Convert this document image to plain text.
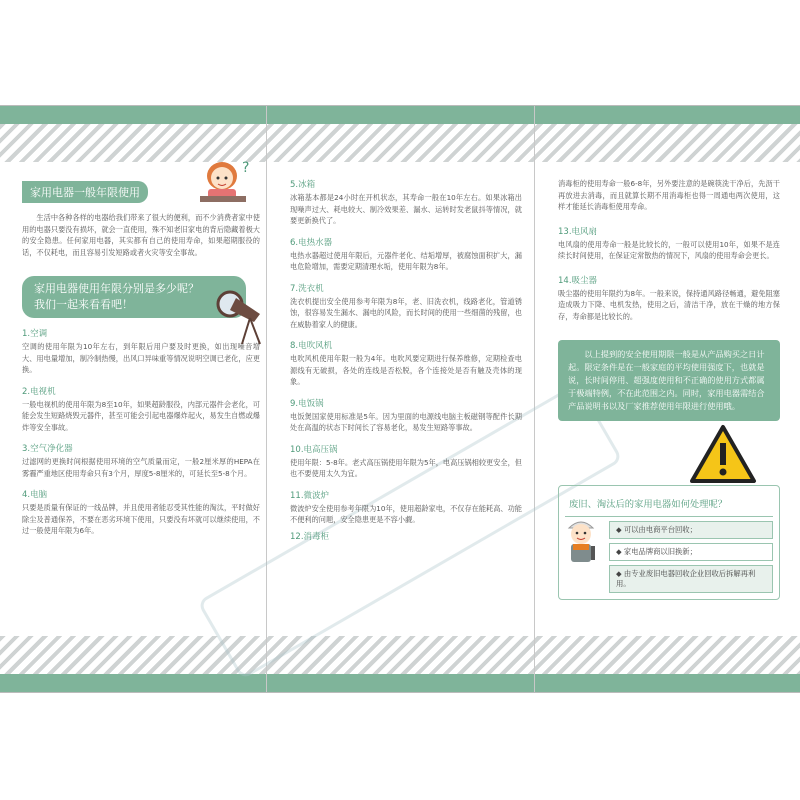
家用电器一般年限使用
?
生活中各种各样的电器给我们带来了很大的便利，而不少消费者家中使用的电器只要没有损坏，就会一直使用，殊不知老旧家电的背后隐藏着极大的安全隐患。任何家用电器，其实都有自己的使用寿命，如果超期服役的话，不仅耗电，而且容易引发短路或者火灾等安全事故。
家用电器使用年限分别是多少呢？
我们一起来看看吧！
1.空调
空调的使用年限为10年左右，到年限后用户要及时更换，如出现噪音增大、用电量增加，制冷制热慢，出风口异味重等情况说明空调已老化，应更换。
2.电视机
一般电视机的使用年限为8至10年，如果超龄服役，内部元器件会老化，可能会发生短路烧毁元器件，甚至可能会引起电器爆炸起火，易发生自燃或爆炸等安全事故。
3.空气净化器
过滤网的更换时间根据使用环境的空气质量而定，一般2厘米厚的HEPA在雾霾严重地区使用寿命只有3个月，厚度5-8厘米的，可延长至5-8个月。
4.电脑
只要是质量有保证的一线品牌，并且使用者能忍受其性能的淘汰，平时做好除尘及普通保养，不要在恶劣环境下使用，只要没有坏就可以继续使用，不过一般使用年限为6年。
5.冰箱
冰箱基本都是24小时在开机状态，其寿命一般在10年左右。如果冰箱出现噪声过大、耗电较大、制冷效果差、漏水、运转时发老鼠抖等情况，就要更新换代了。
6.电热水器
电热水器超过使用年限后，元器件老化、结垢增厚，被腐蚀面积扩大，漏电危险增加，需要定期清理水垢，使用年限为8年。
7.洗衣机
洗衣机提出安全使用参考年限为8年，老、旧洗衣机，线路老化，管道锈蚀，很容易发生漏水、漏电的风险，而长时间的使用一些细菌的残留，也在威胁着家人的健康。
8.电吹风机
电吹风机使用年限一般为4年。电吹风要定期进行保养维修，定期检查电源线有无破损，各处的连线是否松脱，各个连接处是否有触及壳体的现象。
9.电饭锅
电饭煲国家使用标准是5年。因为里面的电源线电脑主板磁钢等配件长期处在高温的状态下时间长了容易老化，易发生短路等事故。
10.电高压锅
使用年限：5-8年。老式高压锅使用年限为5年，电高压锅相较更安全，但也不要使用太久为宜。
11.微波炉
微波炉安全使用参考年限为10年，使用超龄家电，不仅存在能耗高、功能不便利的问题，安全隐患更是不容小觑。
12.消毒柜
消毒柜的使用寿命一般6-8年，另外要注意的是碗筷洗干净后，先沥干再放进去消毒，而且就算长期不用消毒柜也得一周通电两次使用，这样才能延长消毒柜使用寿命。
13.电风扇
电风扇的使用寿命一般是比较长的，一般可以使用10年，如果不是连续长时间使用，在保证定常散热的情况下，风扇的使用寿命会更长。
14.吸尘器
吸尘器的使用年限约为8年。一般来说，保持通风路径畅通，避免阻塞造成吸力下降、电机发热，使用之后，清洁干净，放在干燥的地方保存，寿命都是比较长的。
以上提到的安全使用期限一般是从产品购买之日计起。限定条件是在一般家庭的平均使用强度下，也就是说，长时间停用、超强度使用和不正确的使用方式都属于极端特例，不在此范围之内。同时，家用电器需结合产品说明书以及厂家推荐使用年限进行使用哦。
废旧、淘汰后的家用电器如何处理呢？
◆ 可以由电商平台回收；
◆ 家电品牌商以旧换新；
◆ 由专业废旧电器回收企业回收后拆解再利用。
